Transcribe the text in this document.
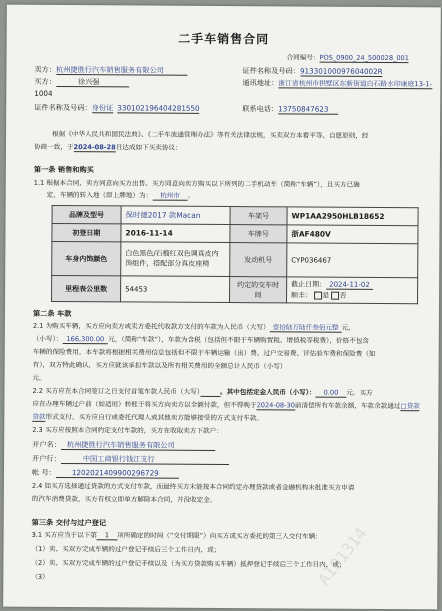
二手车销售合同
合同编号：POS_0900_24_500028_001
卖方：杭州捷胜行汽车销售服务有限公司	证件名称及号码：91330100097604002R
买方：	徐兴强	通讯地址：浙江省杭州市拱墅区东新街道白石路水印康庭13-1-
1004
证件名称及号码：身份证 330102196404281550	联系电话：13750847623
根据《中华人民共和国民法典》、《二手车流通管理办法》等有关法律法规，买卖双方本着平等、自愿原则，经
协商一致，于2024-08-28日达成如下买卖协议：
第一条 销售和购买
1.1 根据本合同，卖方同意向买方出售、买方同意向卖方购买以下所列的二手机动车（简称“车辆”），且买方已确
定，车辆的转入地（即上牌地）为： 杭州市 。
品牌及型号	保时捷2017 款Macan	车架号	WP1AA2950HLB18652
初登日期	2016-11-14	车牌号	浙AF480V
车身内饰颜色	白色黑色/石榴红双色调真皮内饰组件，搭配部分真皮座椅	发动机号	CYP036467
里程表公里数	54453	约定的交车时间	截止日期： 2024-11-02
顺丰： 是 否
第二条 车款
2.1 为购买车辆，买方应向卖方或卖方委托代收款方支付的车款为人民币（大写） 壹拾陆万陆仟叁佰元整 元，
（小写）： 166,300.00 元，（简称“车款”），车款为含税（包括但不限于车辆购置税、增值税等税费），价格不包含
车辆的保险费用。本车款将根据相关费用信息包括但不限于车辆运输（出）费、过户交易费、评估验车费和保险费（如
有），双方特此确认，买方应就该承担车款以及所有相关费用的全额总计人民币（小写）
元。
2.2 买方应在本合同签订之日支付首笔车款人民币（大写）	。其中包括定金人民币（小写）： 0.00 元。买方
应在办理车辆过户前（如适用）转账于将买方向卖方以全额付款，但不得晚于2024-08-30前清偿所有车款余额，车款余款通过□贷款
贷款形式支付。买方应自行或委托代理人或其他卖方能够接受的方式支付车款。
2.3 买方应按照本合同约定支付车款的，买方在收取卖方下款户：
开户名： 杭州捷胜行汽车销售服务有限公司
开户行：	中国工商银行钱江支行
帐 号： 1202021409900296729
2.4 如买方选择通过贷款的方式支付车款，而最终买方未能按本合同约定办理贷款或者金融机构未批准买方申请
的汽车消费贷款，买方有权立即单方解除本合同，并没收定金。
第三条 交付与过户登记
3.1 买方应当于以下第 1 项所确定的时间（“交付期限”）向买方或买方委托的第三人交付车辆：
（1）卖、买双方完成车辆的过户登记手续后三个工作日内，或；
（2）卖、买双方完成车辆的过户登记手续以及（为买方贷款购买车辆）抵押登记手续后三个工作日内，或；
（3）	AI01314
